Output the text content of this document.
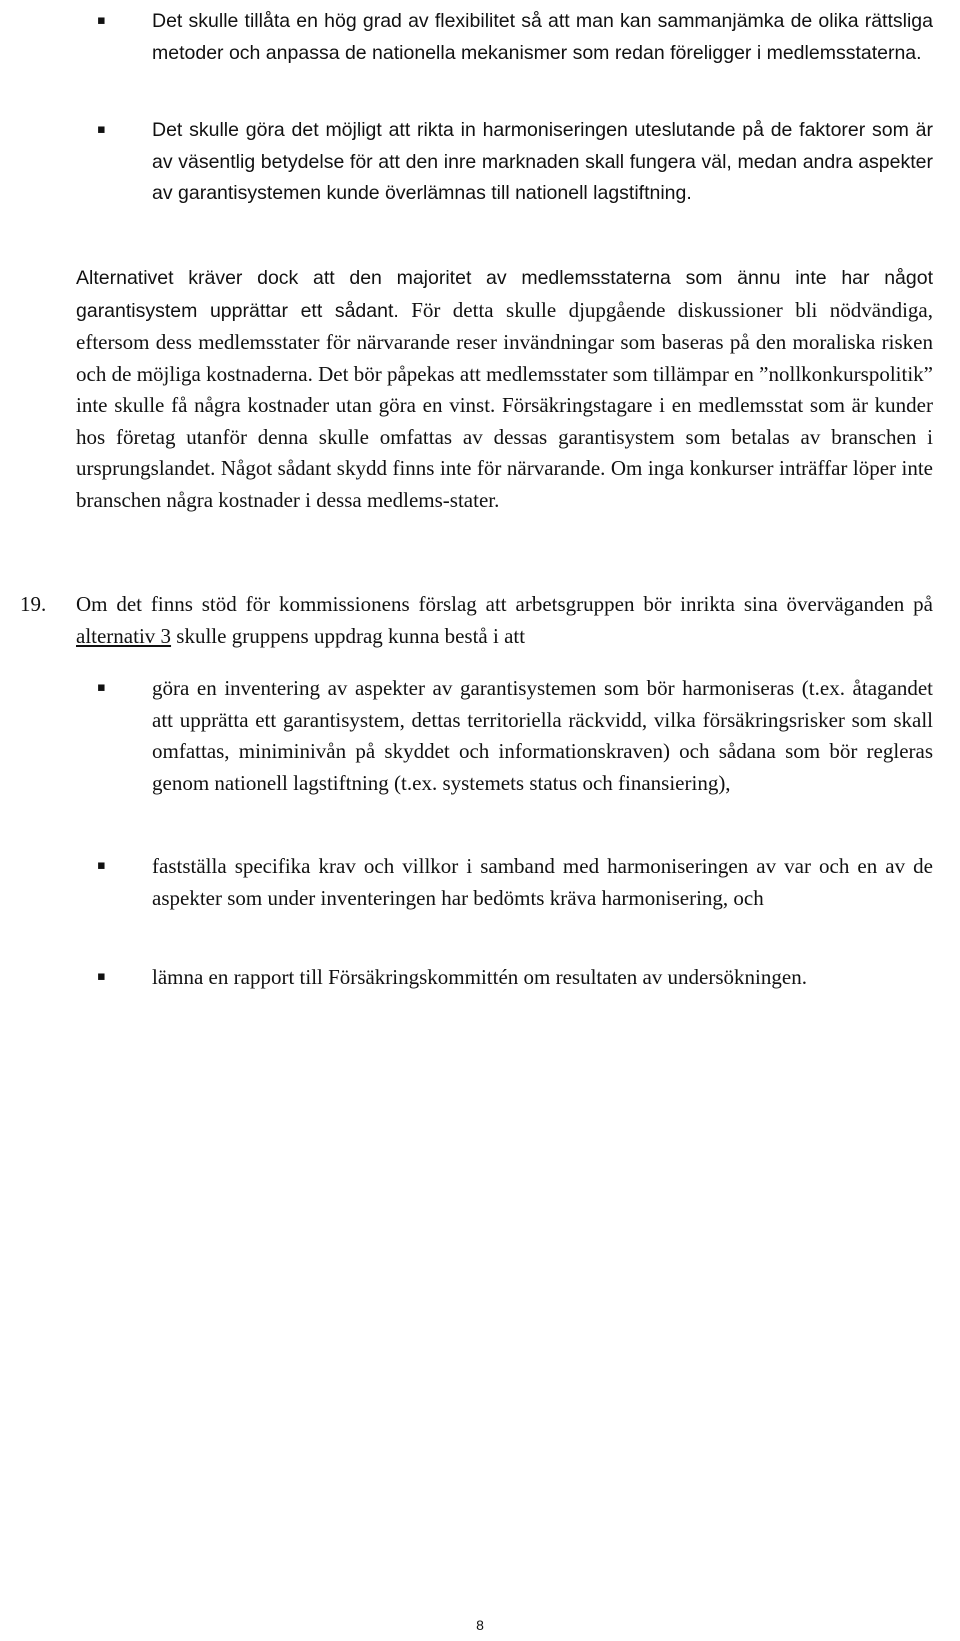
▪ Det skulle tillåta en hög grad av flexibilitet så att man kan sammanjämka de olika rättsliga metoder och anpassa de nationella mekanismer som redan föreligger i medlemsstaterna.
▪ Det skulle göra det möjligt att rikta in harmoniseringen uteslutande på de faktorer som är av väsentlig betydelse för att den inre marknaden skall fungera väl, medan andra aspekter av garantisystemen kunde överlämnas till nationell lagstiftning.
Alternativet kräver dock att den majoritet av medlemsstaterna som ännu inte har något garantisystem upprättar ett sådant. För detta skulle djupgående diskussioner bli nödvändiga, eftersom dess medlemsstater för närvarande reser invändningar som baseras på den moraliska risken och de möjliga kostnaderna. Det bör påpekas att medlemsstater som tillämpar en ”nollkonkurspolitik” inte skulle få några kostnader utan göra en vinst. Försäkringstagare i en medlemsstat som är kunder hos företag utanför denna skulle omfattas av dessas garantisystem som betalas av branschen i ursprungslandet. Något sådant skydd finns inte för närvarande. Om inga konkurser inträffar löper inte branschen några kostnader i dessa medlems-stater.
19. Om det finns stöd för kommissionens förslag att arbetsgruppen bör inrikta sina överväganden på alternativ 3 skulle gruppens uppdrag kunna bestå i att
▪ göra en inventering av aspekter av garantisystemen som bör harmoniseras (t.ex. åtagandet att upprätta ett garantisystem, dettas territoriella räckvidd, vilka försäkringsrisker som skall omfattas, miniminivån på skyddet och informationskraven) och sådana som bör regleras genom nationell lagstiftning (t.ex. systemets status och finansiering),
▪ fastställa specifika krav och villkor i samband med harmoniseringen av var och en av de aspekter som under inventeringen har bedömts kräva harmonisering, och
▪ lämna en rapport till Försäkringskommittén om resultaten av undersökningen.
8
